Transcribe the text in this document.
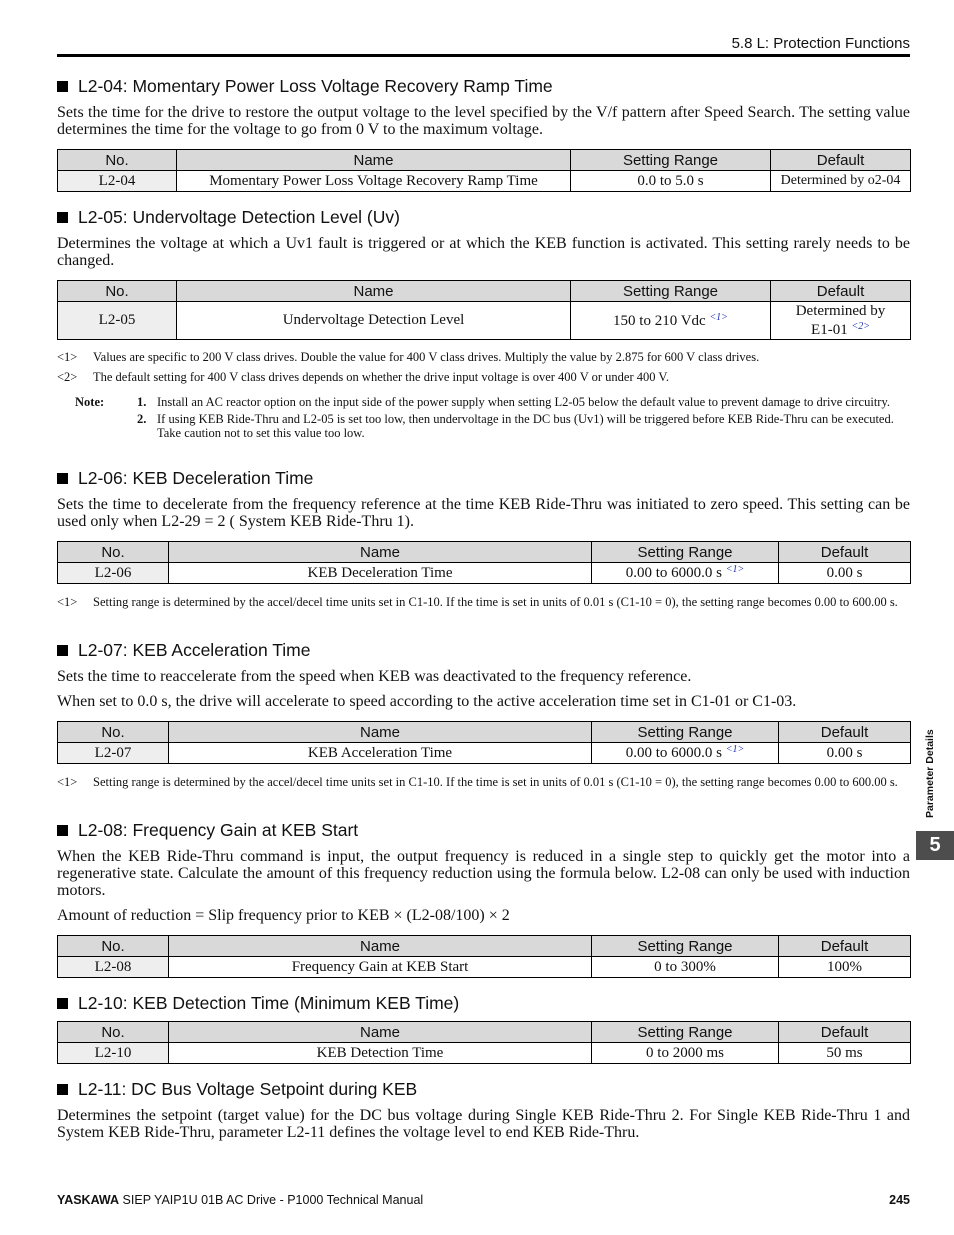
5.8 L: Protection Functions
L2-04: Momentary Power Loss Voltage Recovery Ramp Time
Sets the time for the drive to restore the output voltage to the level specified by the V/f pattern after Speed Search. The setting value determines the time for the voltage to go from 0 V to the maximum voltage.
No.	Name	Setting Range	Default
L2-04	Momentary Power Loss Voltage Recovery Ramp Time	0.0 to 5.0 s	Determined by o2-04
L2-05: Undervoltage Detection Level (Uv)
Determines the voltage at which a Uv1 fault is triggered or at which the KEB function is activated. This setting rarely needs to be changed.
No.	Name	Setting Range	Default
L2-05	Undervoltage Detection Level	150 to 210 Vdc $^{<1>}$	Determined by
E1-01 $^{<2>}$
<1> Values are specific to 200 V class drives. Double the value for 400 V class drives. Multiply the value by 2.875 for 600 V class drives.
<2> The default setting for 400 V class drives depends on whether the drive input voltage is over 400 V or under 400 V.
Note:	1. Install an AC reactor option on the input side of the power supply when setting L2-05 below the default value to prevent damage to drive circuitry.
2. If using KEB Ride-Thru and L2-05 is set too low, then undervoltage in the DC bus (Uv1) will be triggered before KEB Ride-Thru can be executed. Take caution not to set this value too low.
L2-06: KEB Deceleration Time
Sets the time to decelerate from the frequency reference at the time KEB Ride-Thru was initiated to zero speed. This setting can be used only when L2-29 = 2 ( System KEB Ride-Thru 1).
No.	Name	Setting Range	Default
L2-06	KEB Deceleration Time	0.00 to 6000.0 s $^{<1>}$	0.00 s
<1> Setting range is determined by the accel/decel time units set in C1-10. If the time is set in units of 0.01 s (C1-10 = 0), the setting range becomes 0.00 to 600.00 s.
L2-07: KEB Acceleration Time
Sets the time to reaccelerate from the speed when KEB was deactivated to the frequency reference.
When set to 0.0 s, the drive will accelerate to speed according to the active acceleration time set in C1-01 or C1-03.
No.	Name	Setting Range	Default
L2-07	KEB Acceleration Time	0.00 to 6000.0 s $^{<1>}$	0.00 s
<1> Setting range is determined by the accel/decel time units set in C1-10. If the time is set in units of 0.01 s (C1-10 = 0), the setting range becomes 0.00 to 600.00 s.
L2-08: Frequency Gain at KEB Start
When the KEB Ride-Thru command is input, the output frequency is reduced in a single step to quickly get the motor into a regenerative state. Calculate the amount of this frequency reduction using the formula below. L2-08 can only be used with induction motors.
Amount of reduction = Slip frequency prior to KEB × (L2-08/100) × 2
No.	Name	Setting Range	Default
L2-08	Frequency Gain at KEB Start	0 to 300%	100%
L2-10: KEB Detection Time (Minimum KEB Time)
No.	Name	Setting Range	Default
L2-10	KEB Detection Time	0 to 2000 ms	50 ms
L2-11: DC Bus Voltage Setpoint during KEB
Determines the setpoint (target value) for the DC bus voltage during Single KEB Ride-Thru 2. For Single KEB Ride-Thru 1 and System KEB Ride-Thru, parameter L2-11 defines the voltage level to end KEB Ride-Thru.
Parameter Details
5
YASKAWA SIEP YAIP1U 01B AC Drive - P1000 Technical Manual	245
